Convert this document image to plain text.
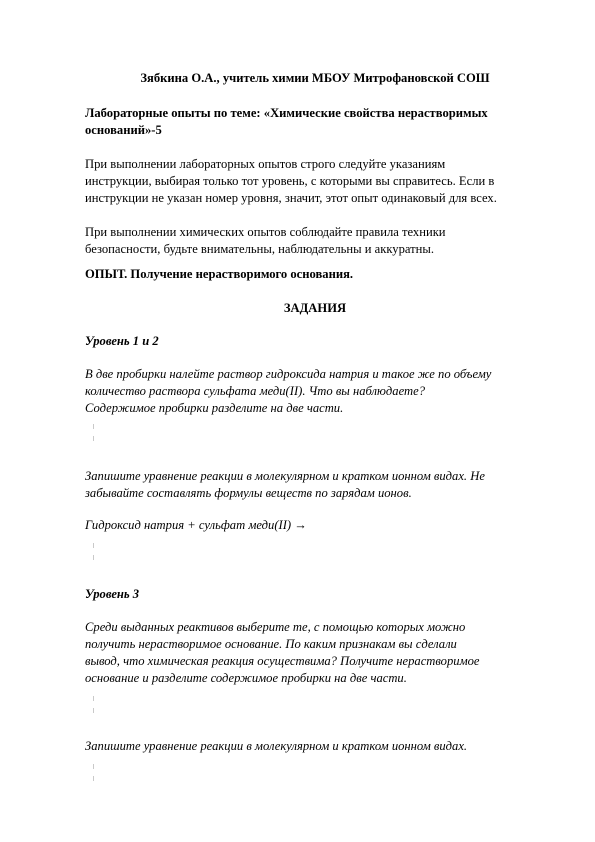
Зябкина О.А., учитель химии МБОУ Митрофановской СОШ
Лабораторные опыты по теме: «Химические свойства нерастворимых
оснований»-5
При выполнении лабораторных опытов строго следуйте указаниям
инструкции, выбирая только тот уровень, с которыми вы справитесь. Если в
инструкции не указан номер уровня, значит, этот опыт одинаковый для всех.
При выполнении химических опытов соблюдайте правила техники
безопасности, будьте внимательны, наблюдательны и аккуратны.
ОПЫТ. Получение нерастворимого основания.
ЗАДАНИЯ
Уровень 1 и 2
В две пробирки налейте раствор гидроксида натрия и такое же по объему
количество раствора сульфата меди(II). Что вы наблюдаете?
Содержимое пробирки разделите на две части.
Запишите уравнение реакции в молекулярном и кратком ионном видах. Не
забывайте составлять формулы веществ по зарядам ионов.
Гидроксид натрия + сульфат меди(II) →
Уровень 3
Среди выданных реактивов выберите те, с помощью которых можно
получить нерастворимое основание. По каким признакам вы сделали
вывод, что химическая реакция осуществима? Получите нерастворимое
основание и разделите содержимое пробирки на две части.
Запишите уравнение реакции в молекулярном и кратком ионном видах.
